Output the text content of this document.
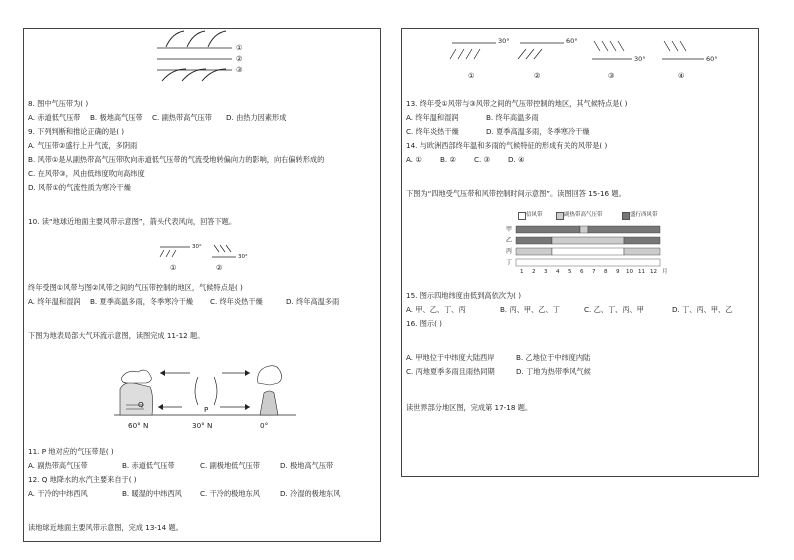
①
②
③
8. 图中气压带为( )
A. 赤道低气压带 B. 极地高气压带 C. 副热带高气压带 D. 由热力因素形成
9. 下列判断和推论正确的是( )
A. 气压带②盛行上升气流，多阴雨
B. 风带①是从副热带高气压带吹向赤道低气压带的气流受地转偏向力的影响，向右偏转形成的
C. 在风带③，风由低纬度吹向高纬度
D. 风带①的气流性质为寒冷干燥
10. 读“地球近地面主要风带示意图”，箭头代表风向，回答下题。
30°
30°
①	②
终年受图①风带与图②风带之间的气压带控制的地区，气候特点是( )
A. 终年温和湿润 B. 夏季高温多雨，冬季寒冷干燥 C. 终年炎热干燥	D. 终年高温多雨
下图为地表局部大气环流示意图，读图完成 11-12 题。
Q
P
60° N	30° N	0°
11. P 地对应的气压带是( )
A. 副热带高气压带	B. 赤道低气压带	C. 副极地低气压带	D. 极地高气压带
12. Q 地降水的水汽主要来自于( )
A. 干冷的中纬西风	B. 暖湿的中纬西风	C. 干冷的极地东风	D. 冷湿的极地东风
读地球近地面主要风带示意图，完成 13-14 题。
30°	60°
30°	60°
①	②	③	④
13. 终年受①风带与③风带之间的气压带控制的地区，其气候特点是( )
A. 终年温和湿润	B. 终年高温多雨
C. 终年炎热干燥	D. 夏季高温多雨，冬季寒冷干燥
14. 与欧洲西部终年温和多雨的气候特征的形成有关的风带是( )
A. ①	B. ②	C. ③ D. ④
下图为“四地受气压带和风带控制时间示意图”。读图回答 15-16 题。
信风带	副热带高气压带	盛行西风带
甲
乙
丙
丁
1 2 3 4 5 6 7 8 9 10 11 12 月
15. 图示四地纬度由低到高依次为( )
A. 甲、乙、丁、丙	B. 丙、甲、乙、丁	C. 乙、丁、丙、甲	D. 丁、丙、甲、乙
16. 图示( )
A. 甲地位于中纬度大陆西岸	B. 乙地位于中纬度内陆
C. 丙地夏季多雨且雨热同期	D. 丁地为热带季风气候
读世界部分地区图，完成第 17-18 题。
